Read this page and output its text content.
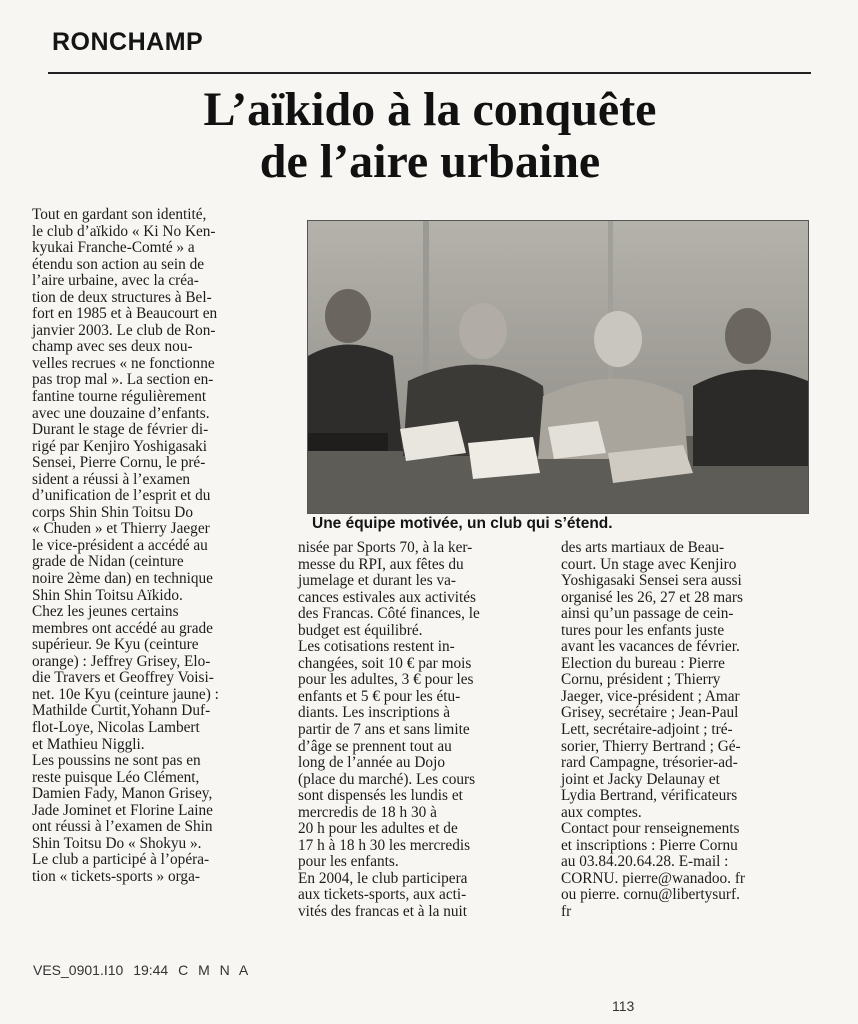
RONCHAMP
L’aïkido à la conquête
de l’aire urbaine
Une équipe motivée, un club qui s’étend.
Tout en gardant son identité,
le club d’aïkido « Ki No Ken-
kyukai Franche-Comté » a
étendu son action au sein de
l’aire urbaine, avec la créa-
tion de deux structures à Bel-
fort en 1985 et à Beaucourt en
janvier 2003. Le club de Ron-
champ avec ses deux nou-
velles recrues « ne fonctionne
pas trop mal ». La section en-
fantine tourne régulièrement
avec une douzaine d’enfants.
Durant le stage de février di-
rigé par Kenjiro Yoshigasaki
Sensei, Pierre Cornu, le pré-
sident a réussi à l’examen
d’unification de l’esprit et du
corps Shin Shin Toitsu Do
« Chuden » et Thierry Jaeger
le vice-président a accédé au
grade de Nidan (ceinture
noire 2ème dan) en technique
Shin Shin Toitsu Aïkido.
Chez les jeunes certains
membres ont accédé au grade
supérieur. 9e Kyu (ceinture
orange) : Jeffrey Grisey, Elo-
die Travers et Geoffrey Voisi-
net. 10e Kyu (ceinture jaune) :
Mathilde Curtit,Yohann Duf-
flot-Loye, Nicolas Lambert
et Mathieu Niggli.
Les poussins ne sont pas en
reste puisque Léo Clément,
Damien Fady, Manon Grisey,
Jade Jominet et Florine Laine
ont réussi à l’examen de Shin
Shin Toitsu Do « Shokyu ».
Le club a participé à l’opéra-
tion « tickets-sports » orga-
nisée par Sports 70, à la ker-
messe du RPI, aux fêtes du
jumelage et durant les va-
cances estivales aux activités
des Francas. Côté finances, le
budget est équilibré.
Les cotisations restent in-
changées, soit 10 € par mois
pour les adultes, 3 € pour les
enfants et 5 € pour les étu-
diants. Les inscriptions à
partir de 7 ans et sans limite
d’âge se prennent tout au
long de l’année au Dojo
(place du marché). Les cours
sont dispensés les lundis et
mercredis de 18 h 30 à
20 h pour les adultes et de
17 h à 18 h 30 les mercredis
pour les enfants.
En 2004, le club participera
aux tickets-sports, aux acti-
vités des francas et à la nuit
des arts martiaux de Beau-
court. Un stage avec Kenjiro
Yoshigasaki Sensei sera aussi
organisé les 26, 27 et 28 mars
ainsi qu’un passage de cein-
tures pour les enfants juste
avant les vacances de février.
Election du bureau : Pierre
Cornu, président ; Thierry
Jaeger, vice-président ; Amar
Grisey, secrétaire ; Jean-Paul
Lett, secrétaire-adjoint ; tré-
sorier, Thierry Bertrand ; Gé-
rard Campagne, trésorier-ad-
joint et Jacky Delaunay et
Lydia Bertrand, vérificateurs
aux comptes.
Contact pour renseignements
et inscriptions : Pierre Cornu
au 03.84.20.64.28. E-mail :
CORNU. pierre@wanadoo. fr
ou pierre. cornu@libertysurf.
fr
VES_0901.I10 19:44 C M N A
113
